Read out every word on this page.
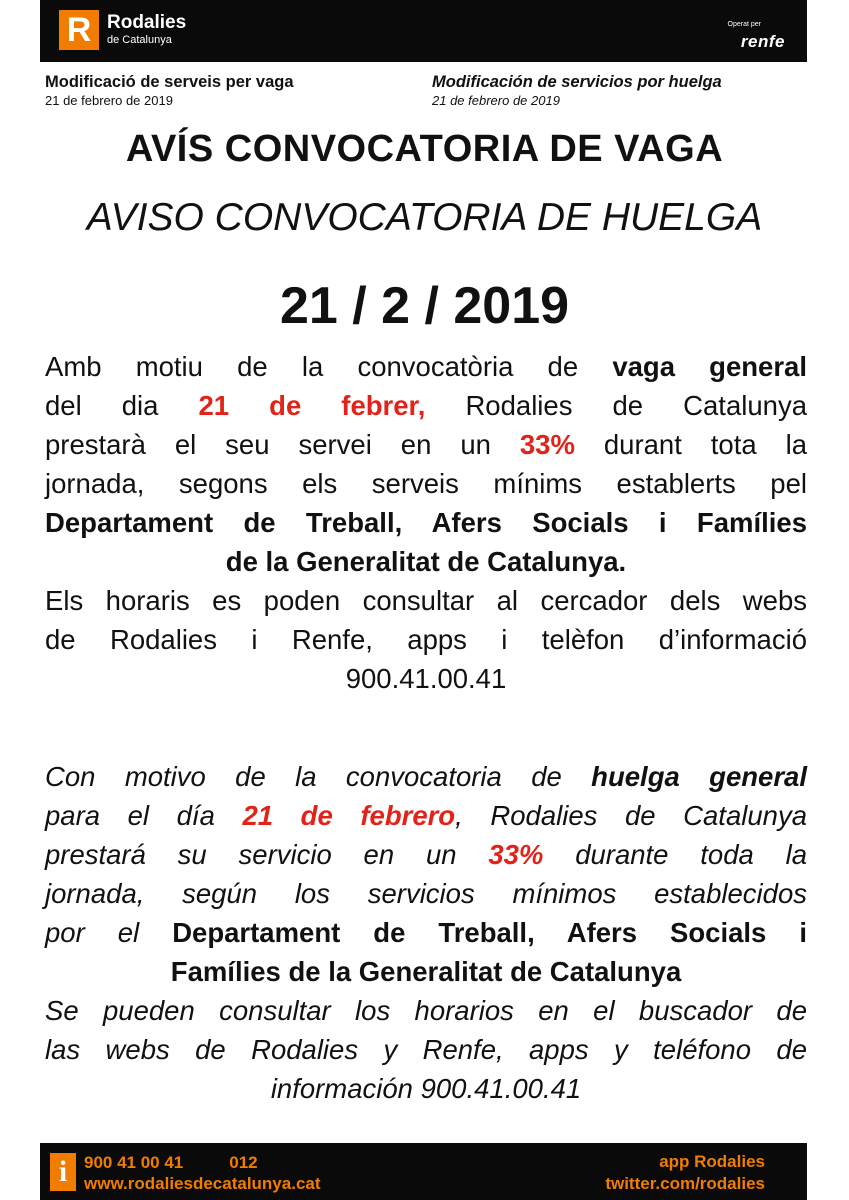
R Rodalies
de Catalunya
Operat per
renfe
Modificació de serveis per vaga
21 de febrero de 2019
Modificación de servicios por huelga
21 de febrero de 2019
AVÍS CONVOCATORIA DE VAGA
AVISO CONVOCATORIA DE HUELGA
21 / 2 / 2019
Amb motiu de la convocatòria de vaga general
del dia 21 de febrer, Rodalies de Catalunya
prestarà el seu servei en un 33% durant tota la
jornada, segons els serveis mínims establerts pel
Departament de Treball, Afers Socials i Famílies
de la Generalitat de Catalunya.
Els horaris es poden consultar al cercador dels webs
de Rodalies i Renfe, apps i telèfon d’informació
900.41.00.41
Con motivo de la convocatoria de huelga general
para el día 21 de febrero, Rodalies de Catalunya
prestará su servicio en un 33% durante toda la
jornada, según los servicios mínimos establecidos
por el Departament de Treball, Afers Socials i
Famílies de la Generalitat de Catalunya
Se pueden consultar los horarios en el buscador de
las webs de Rodalies y Renfe, apps y teléfono de
información 900.41.00.41
i 900 41 00 41	012
www.rodaliesdecatalunya.cat
app Rodalies
twitter.com/rodalies
